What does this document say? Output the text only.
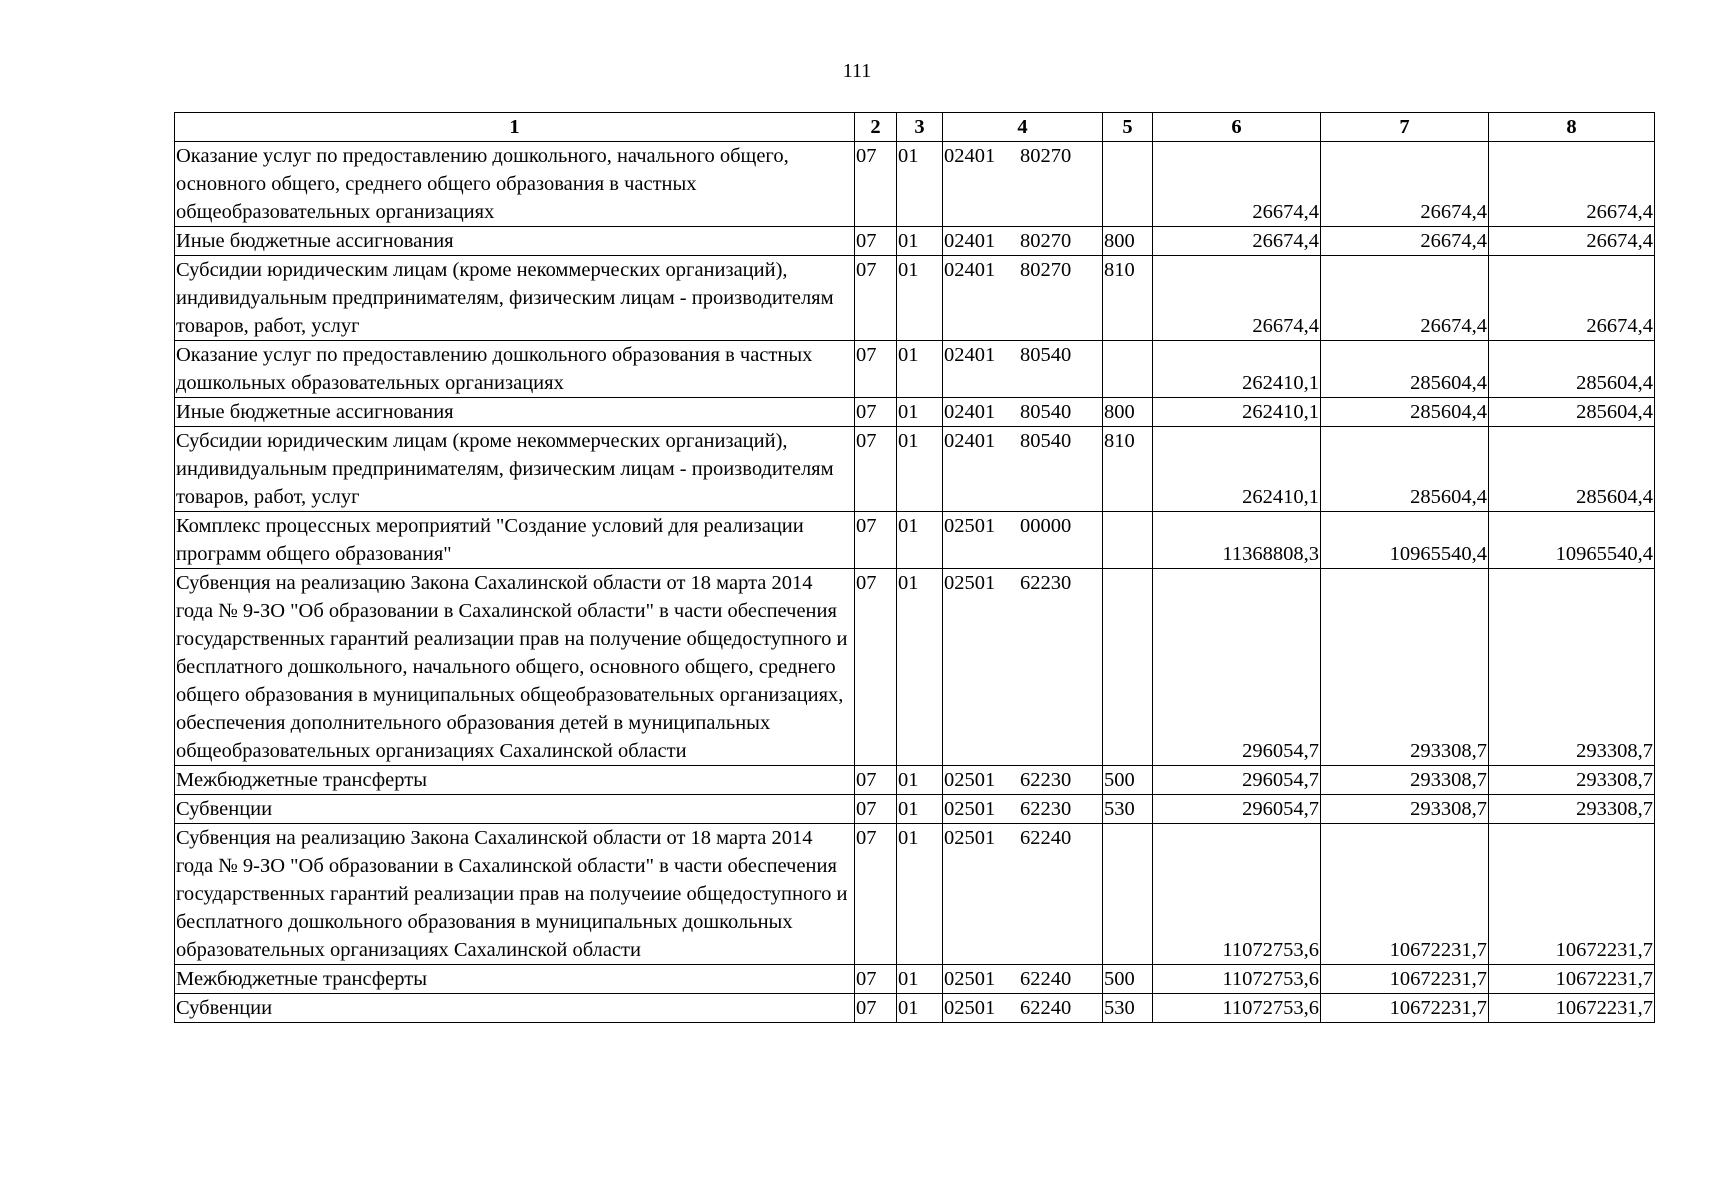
111
1	2	3	4	5	6	7	8
Оказание услуг по предоставлению дошкольного, начального общего, основного общего, среднего общего образования в частных общеобразовательных организациях	07	01	02401 80270		26674,4	26674,4	26674,4
Иные бюджетные ассигнования	07	01	02401 80270	800	26674,4	26674,4	26674,4
Субсидии юридическим лицам (кроме некоммерческих организаций), индивидуальным предпринимателям, физическим лицам - производителям товаров, работ, услуг	07	01	02401 80270	810	26674,4	26674,4	26674,4
Оказание услуг по предоставлению дошкольного образования в частных дошкольных образовательных организациях	07	01	02401 80540		262410,1	285604,4	285604,4
Иные бюджетные ассигнования	07	01	02401 80540	800	262410,1	285604,4	285604,4
Субсидии юридическим лицам (кроме некоммерческих организаций), индивидуальным предпринимателям, физическим лицам - производителям товаров, работ, услуг	07	01	02401 80540	810	262410,1	285604,4	285604,4
Комплекс процессных мероприятий "Создание условий для реализации программ общего образования"	07	01	02501 00000		11368808,3	10965540,4	10965540,4
Субвенция на реализацию Закона Сахалинской области от 18 марта 2014 года № 9-ЗО "Об образовании в Сахалинской области" в части обеспечения государственных гарантий реализации прав на получение общедоступного и бесплатного дошкольного, начального общего, основного общего, среднего общего образования в муниципальных общеобразовательных организациях, обеспечения дополнительного образования детей в муниципальных общеобразовательных организациях Сахалинской области	07	01	02501 62230		296054,7	293308,7	293308,7
Межбюджетные трансферты	07	01	02501 62230	500	296054,7	293308,7	293308,7
Субвенции	07	01	02501 62230	530	296054,7	293308,7	293308,7
Субвенция на реализацию Закона Сахалинской области от 18 марта 2014 года № 9-ЗО "Об образовании в Сахалинской области" в части обеспечения государственных гарантий реализации прав на получеиие общедоступного и бесплатного дошкольного образования в муниципальных дошкольных образовательных организациях Сахалинской области	07	01	02501 62240		11072753,6	10672231,7	10672231,7
Межбюджетные трансферты	07	01	02501 62240	500	11072753,6	10672231,7	10672231,7
Субвенции	07	01	02501 62240	530	11072753,6	10672231,7	10672231,7
